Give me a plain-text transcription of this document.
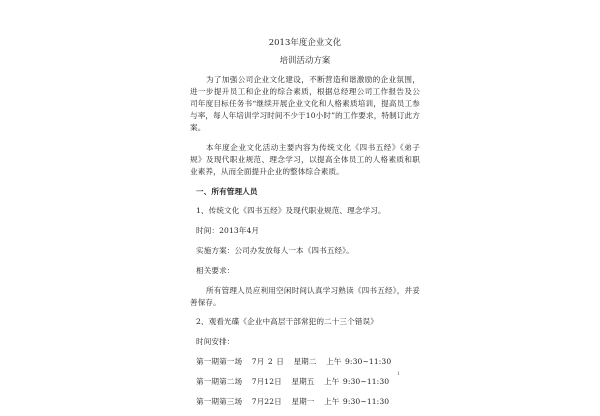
2013年度企业文化
培训活动方案
为了加强公司企业文化建设，不断营造和谐激励的企业氛围，进一步提升员工和企业的综合素质，根据总经理公司工作报告及公司年度目标任务书“继续开展企业文化和人格素质培训，提高员工参与率，每人年培训学习时间不少于10小时”的工作要求，特制订此方案。
本年度企业文化活动主要内容为传统文化《四书五经》《弟子规》及现代职业规范、理念学习，以提高全体员工的人格素质和职业素养，从而全面提升企业的整体综合素质。
一、所有管理人员
1、传统文化《四书五经》及现代职业规范、理念学习。
时间：2013年4月
实施方案：公司办发放每人一本《四书五经》。
相关要求：
所有管理人员应利用空闲时间认真学习熟读《四书五经》，并妥善保存。
2、观看光碟《企业中高层干部常犯的二十三个错误》
时间安排：
第一期第一场 7月 2 日 星期二 上午 9:30~11:30
第一期第二场 7月12日 星期五 上午 9:30~11:30
第一期第三场 7月22日 星期一 上午 9:30~11:30
1
